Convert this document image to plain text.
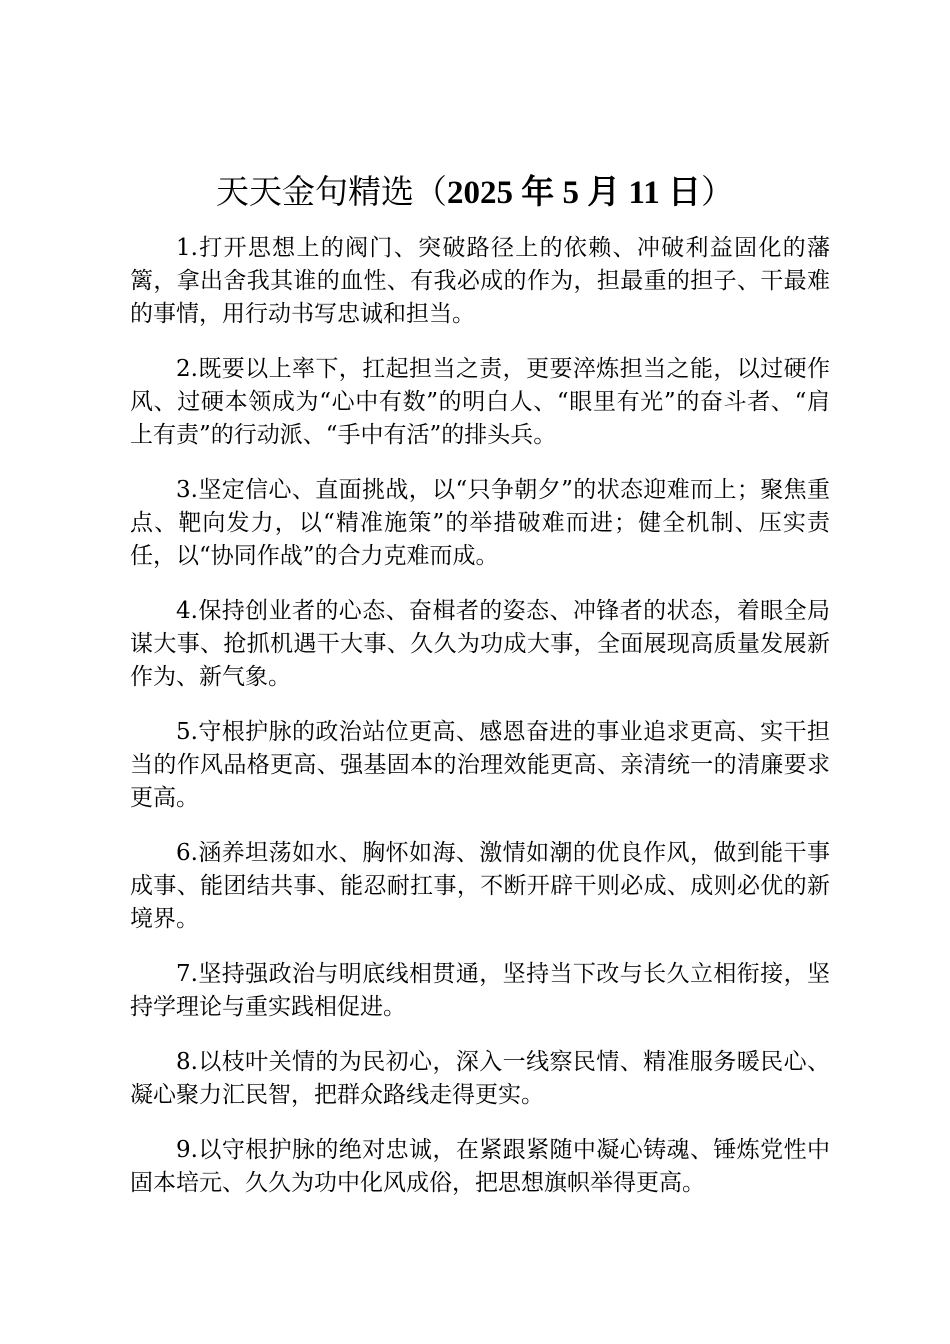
天天金句精选（2025 年 5 月 11 日）

1.打开思想上的阀门、突破路径上的依赖、冲破利益固化的藩篱，拿出舍我其谁的血性、有我必成的作为，担最重的担子、干最难的事情，用行动书写忠诚和担当。

2.既要以上率下，扛起担当之责，更要淬炼担当之能，以过硬作风、过硬本领成为“心中有数”的明白人、“眼里有光”的奋斗者、“肩上有责”的行动派、“手中有活”的排头兵。

3.坚定信心、直面挑战，以“只争朝夕”的状态迎难而上；聚焦重点、靶向发力，以“精准施策”的举措破难而进；健全机制、压实责任，以“协同作战”的合力克难而成。

4.保持创业者的心态、奋楫者的姿态、冲锋者的状态，着眼全局谋大事、抢抓机遇干大事、久久为功成大事，全面展现高质量发展新作为、新气象。

5.守根护脉的政治站位更高、感恩奋进的事业追求更高、实干担当的作风品格更高、强基固本的治理效能更高、亲清统一的清廉要求更高。

6.涵养坦荡如水、胸怀如海、激情如潮的优良作风，做到能干事成事、能团结共事、能忍耐扛事，不断开辟干则必成、成则必优的新境界。

7.坚持强政治与明底线相贯通，坚持当下改与长久立相衔接，坚持学理论与重实践相促进。

8.以枝叶关情的为民初心，深入一线察民情、精准服务暖民心、凝心聚力汇民智，把群众路线走得更实。

9.以守根护脉的绝对忠诚，在紧跟紧随中凝心铸魂、锤炼党性中固本培元、久久为功中化风成俗，把思想旗帜举得更高。
